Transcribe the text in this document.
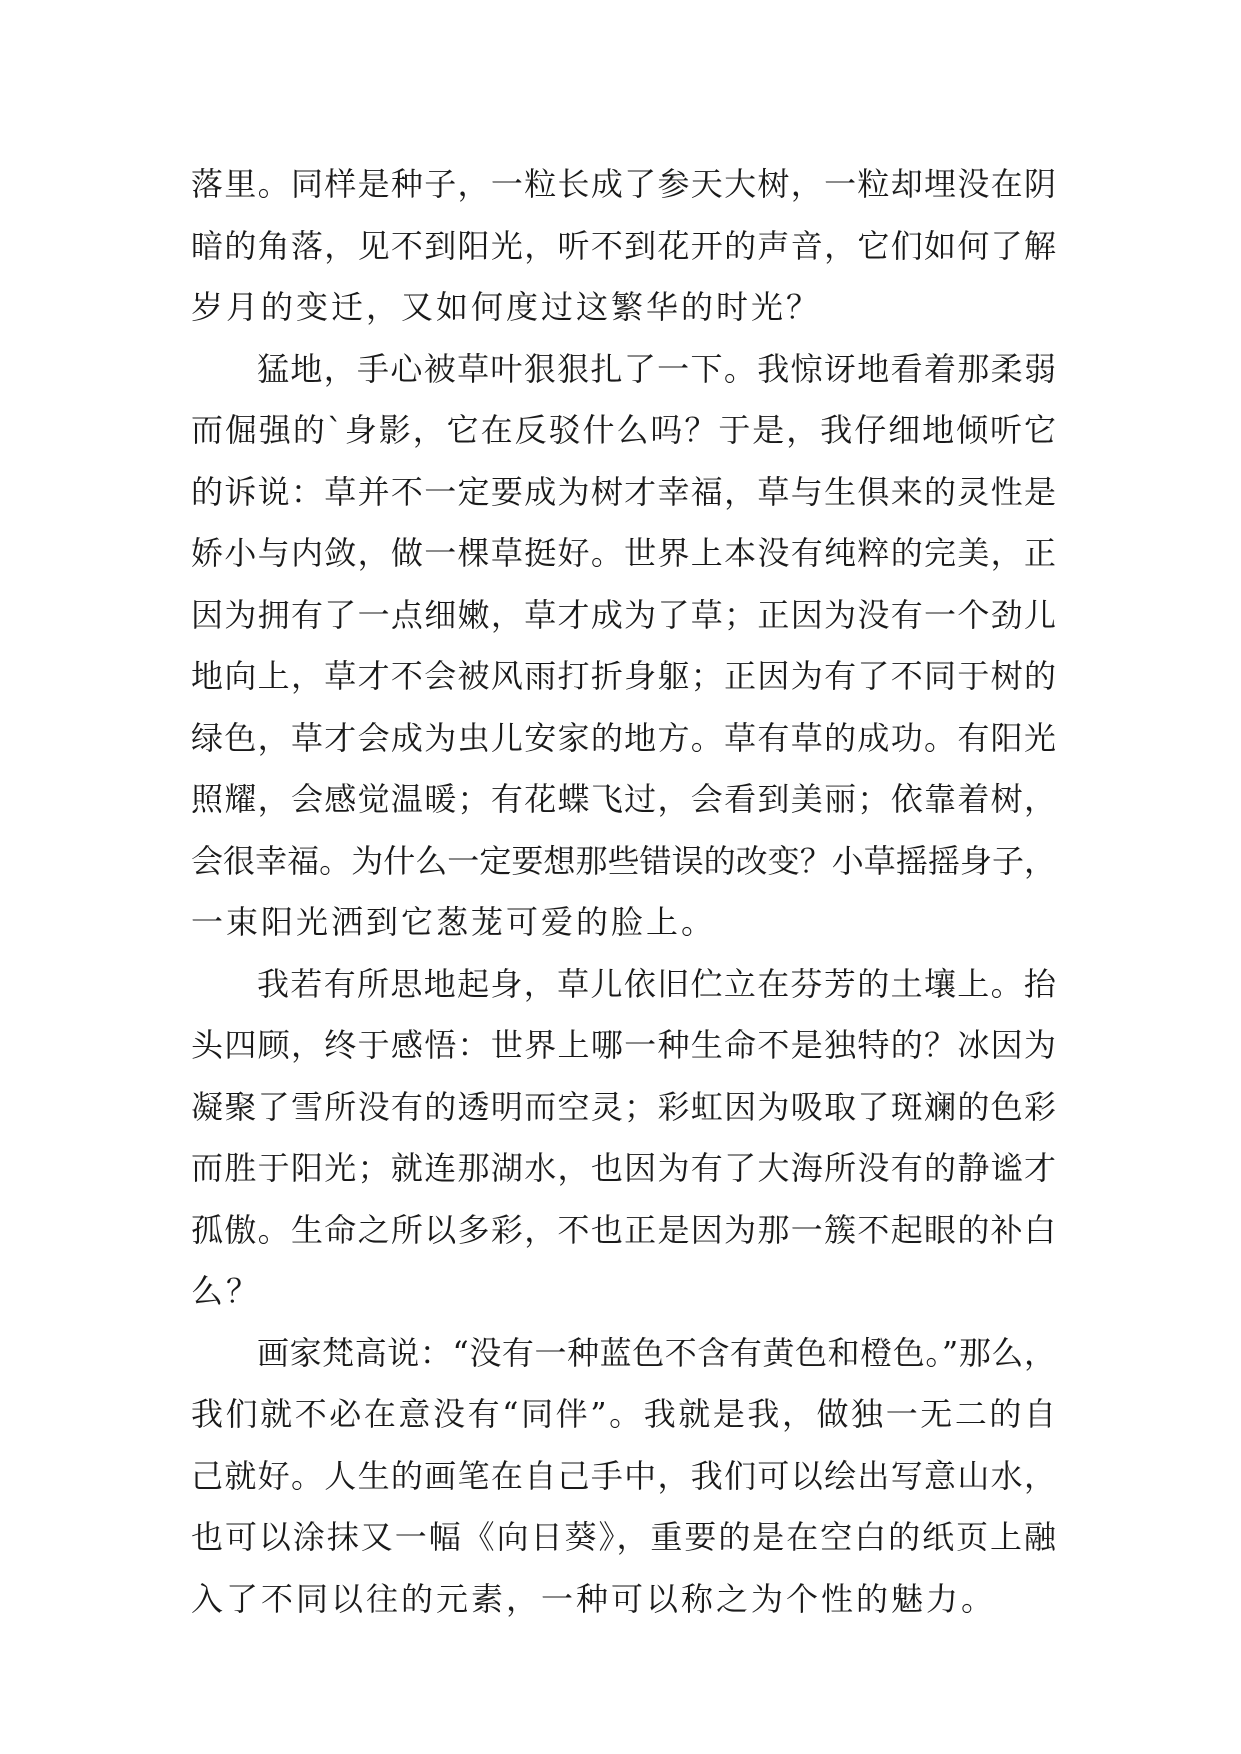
落里。同样是种子，一粒长成了参天大树，一粒却埋没在阴
暗的角落，见不到阳光，听不到花开的声音，它们如何了解
岁月的变迁，又如何度过这繁华的时光？
猛地，手心被草叶狠狠扎了一下。我惊讶地看着那柔弱
而倔强的`身影，它在反驳什么吗？于是，我仔细地倾听它
的诉说：草并不一定要成为树才幸福，草与生俱来的灵性是
娇小与内敛，做一棵草挺好。世界上本没有纯粹的完美，正
因为拥有了一点细嫩，草才成为了草；正因为没有一个劲儿
地向上，草才不会被风雨打折身躯；正因为有了不同于树的
绿色，草才会成为虫儿安家的地方。草有草的成功。有阳光
照耀，会感觉温暖；有花蝶飞过，会看到美丽；依靠着树，
会很幸福。为什么一定要想那些错误的改变？小草摇摇身子，
一束阳光洒到它葱茏可爱的脸上。
我若有所思地起身，草儿依旧伫立在芬芳的土壤上。抬
头四顾，终于感悟：世界上哪一种生命不是独特的？冰因为
凝聚了雪所没有的透明而空灵；彩虹因为吸取了斑斓的色彩
而胜于阳光；就连那湖水，也因为有了大海所没有的静谧才
孤傲。生命之所以多彩，不也正是因为那一簇不起眼的补白
么？
画家梵高说：“没有一种蓝色不含有黄色和橙色。”那么，
我们就不必在意没有“同伴”。我就是我，做独一无二的自
己就好。人生的画笔在自己手中，我们可以绘出写意山水，
也可以涂抹又一幅《向日葵》，重要的是在空白的纸页上融
入了不同以往的元素，一种可以称之为个性的魅力。
